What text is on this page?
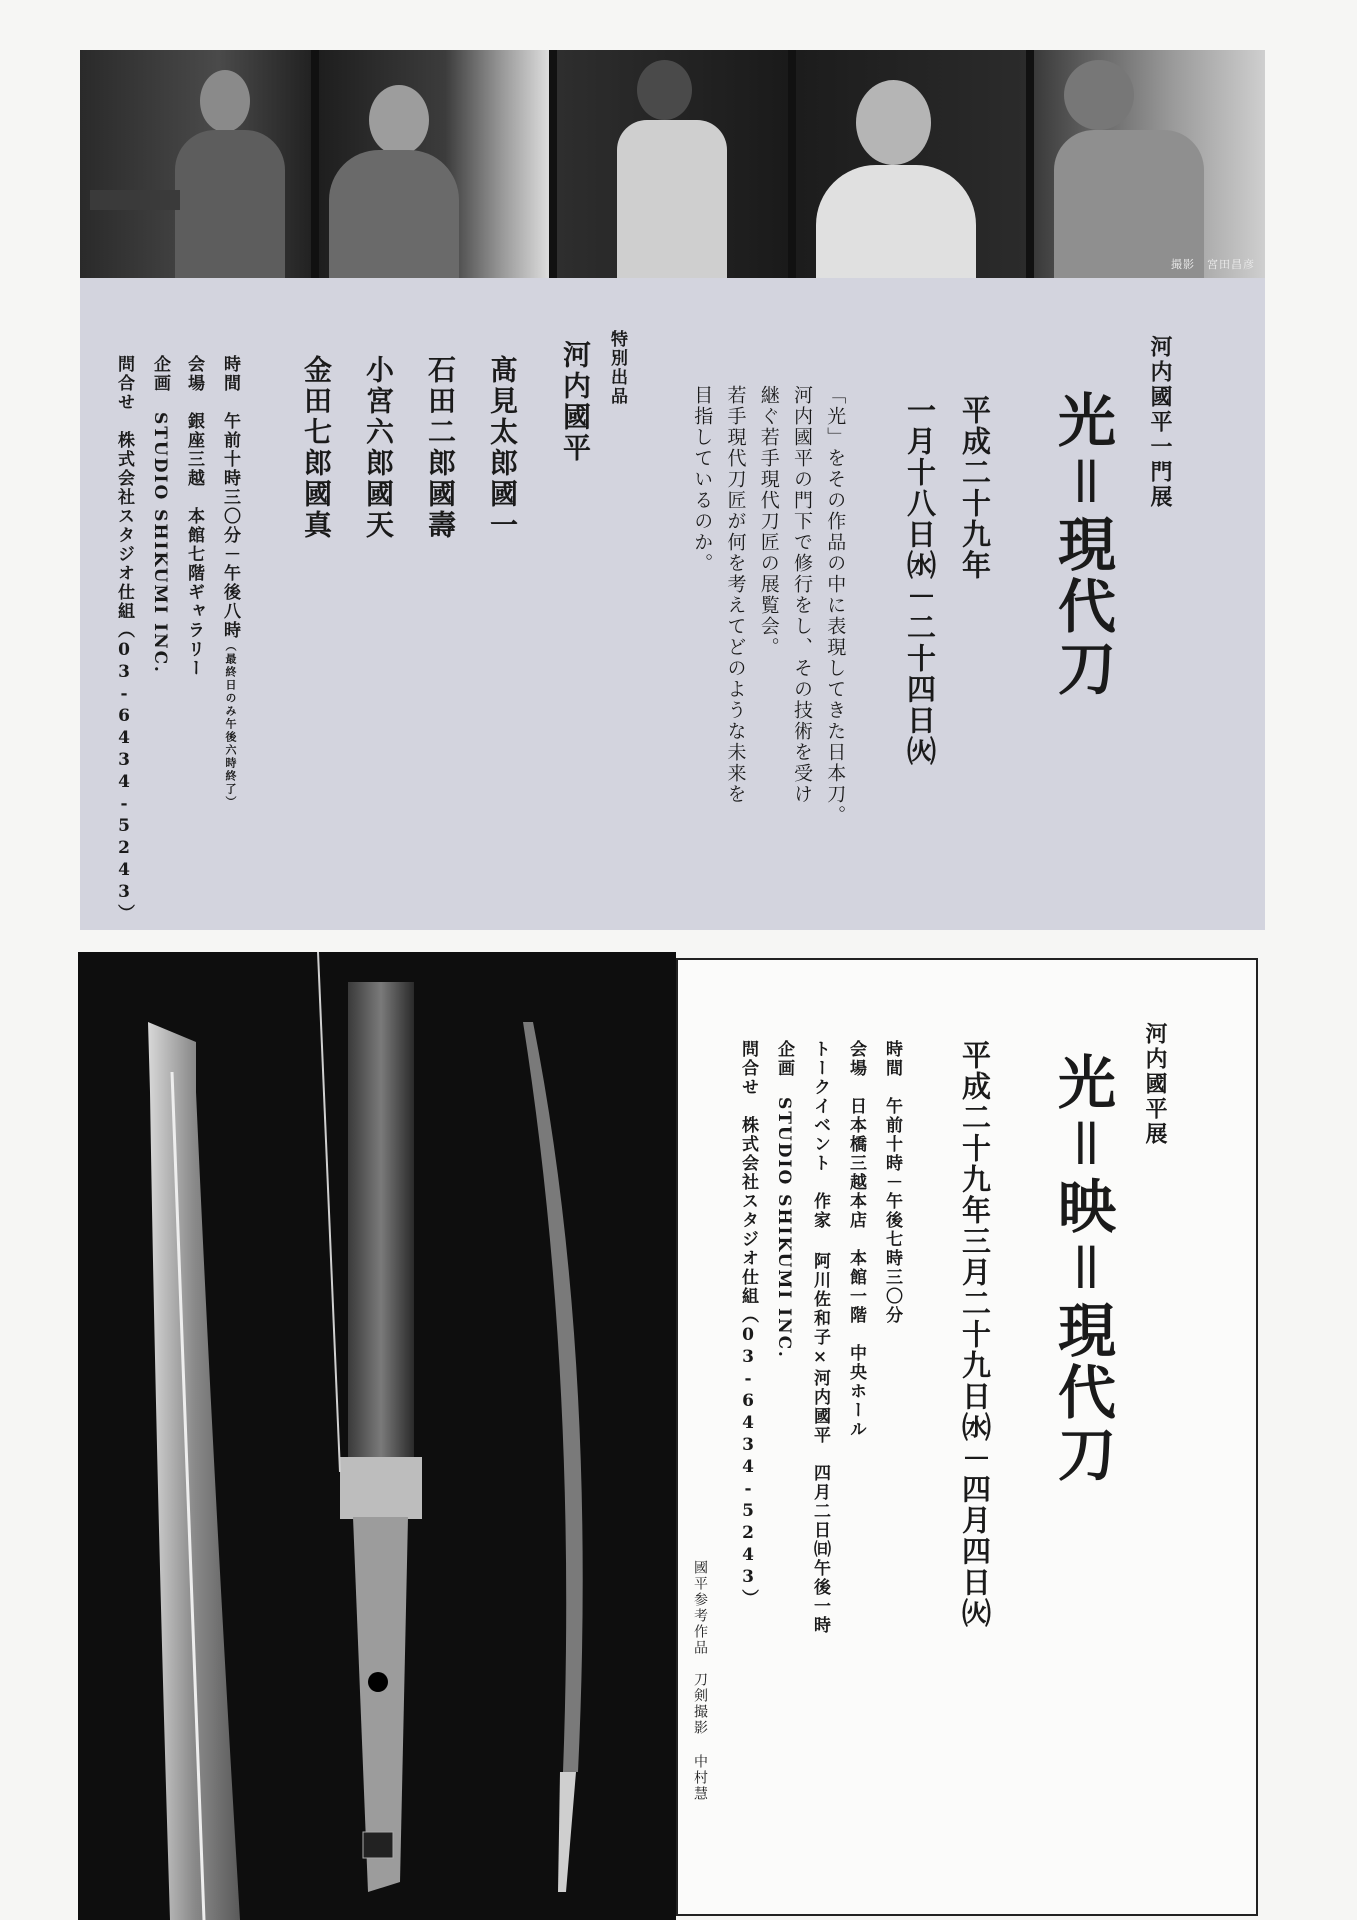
撮影　宮田昌彦
河内國平一門展
光＝現代刀
平成二十九年
一月十八日㈬－二十四日㈫
「光」をその作品の中に表現してきた日本刀。
河内國平の門下で修行をし、その技術を受け
継ぐ若手現代刀匠の展覧会。
若手現代刀匠が何を考えてどのような未来を
目指しているのか。
特別出品
河内國平
髙見太郎國一
石田二郎國壽
小宮六郎國天
金田七郎國真
時間　午前十時三〇分－午後八時（最終日のみ午後六時終了）
会場　銀座三越　本館七階ギャラリー
企画　STUDIO SHIKUMI INC.
問合せ　株式会社スタジオ仕組（03-6434-5243）
河内國平展
光＝映＝現代刀
平成二十九年三月二十九日㈬－四月四日㈫
時間　午前十時－午後七時三〇分
会場　日本橋三越本店　本館一階　中央ホール
トークイベント　作家 阿川佐和子×河内國平　四月二日㈰午後一時
企画　STUDIO SHIKUMI INC.
問合せ　株式会社スタジオ仕組（03-6434-5243）
國平参考作品　刀剣撮影 中村慧
